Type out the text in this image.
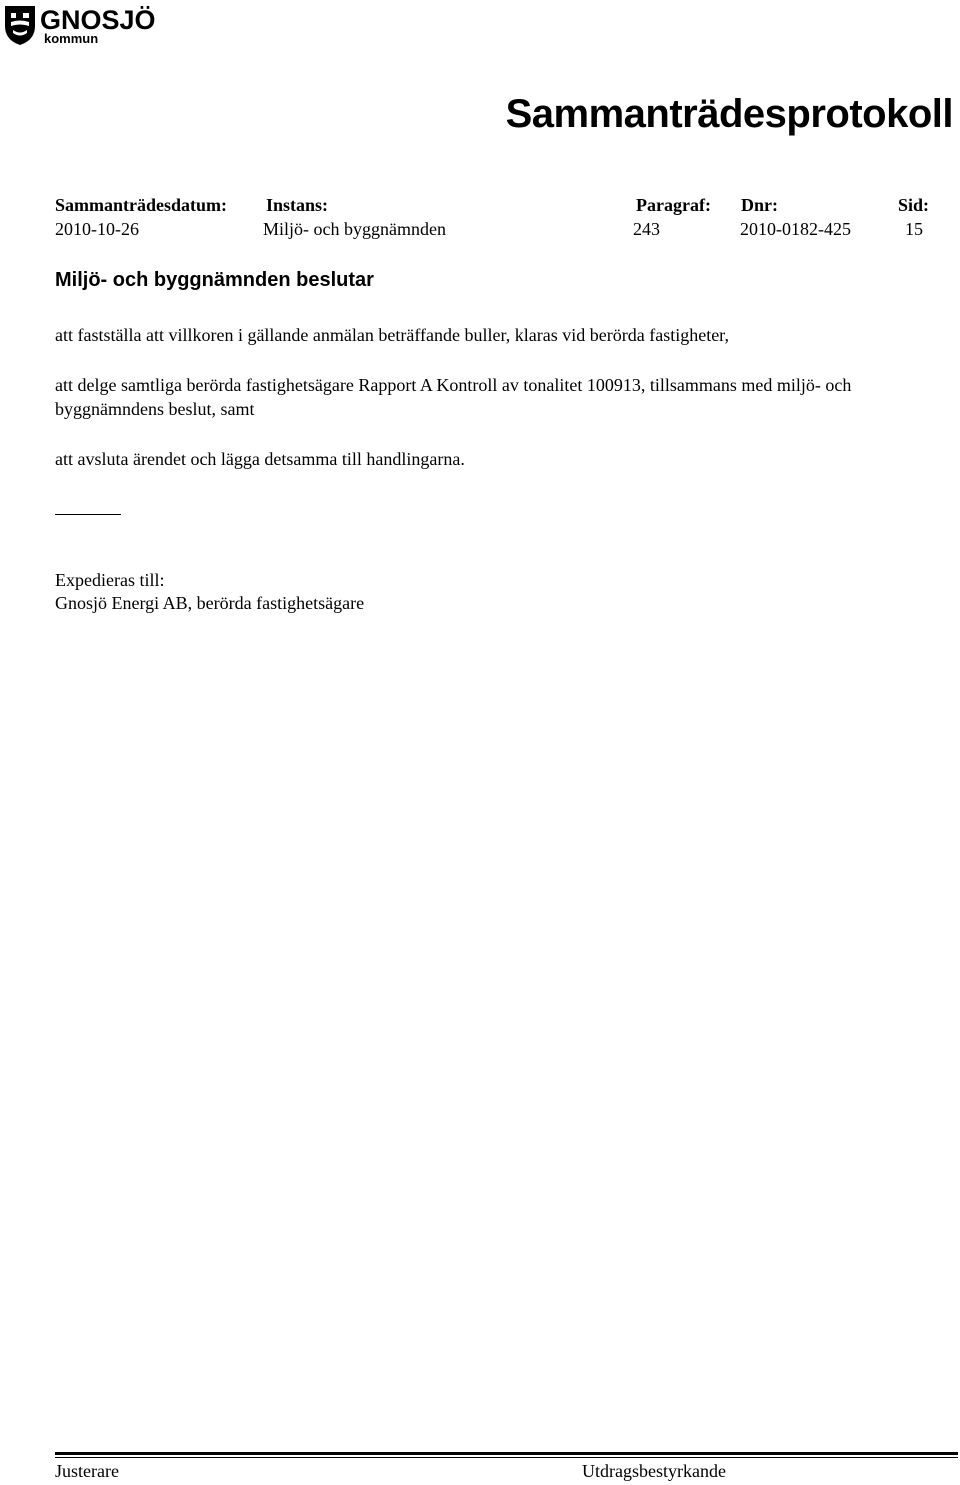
GNOSJÖ
kommun
Sammanträdesprotokoll
Sammanträdesdatum: Instans:	Paragraf: Dnr:	Sid:
2010-10-26	Miljö- och byggnämnden	243	2010-0182-425	15
Miljö- och byggnämnden beslutar
att fastställa att villkoren i gällande anmälan beträffande buller, klaras vid berörda fastigheter,
att delge samtliga berörda fastighetsägare Rapport A Kontroll av tonalitet 100913, tillsammans med miljö- och byggnämndens beslut, samt
att avsluta ärendet och lägga detsamma till handlingarna.
Expedieras till:
Gnosjö Energi AB, berörda fastighetsägare
Justerare	Utdragsbestyrkande
